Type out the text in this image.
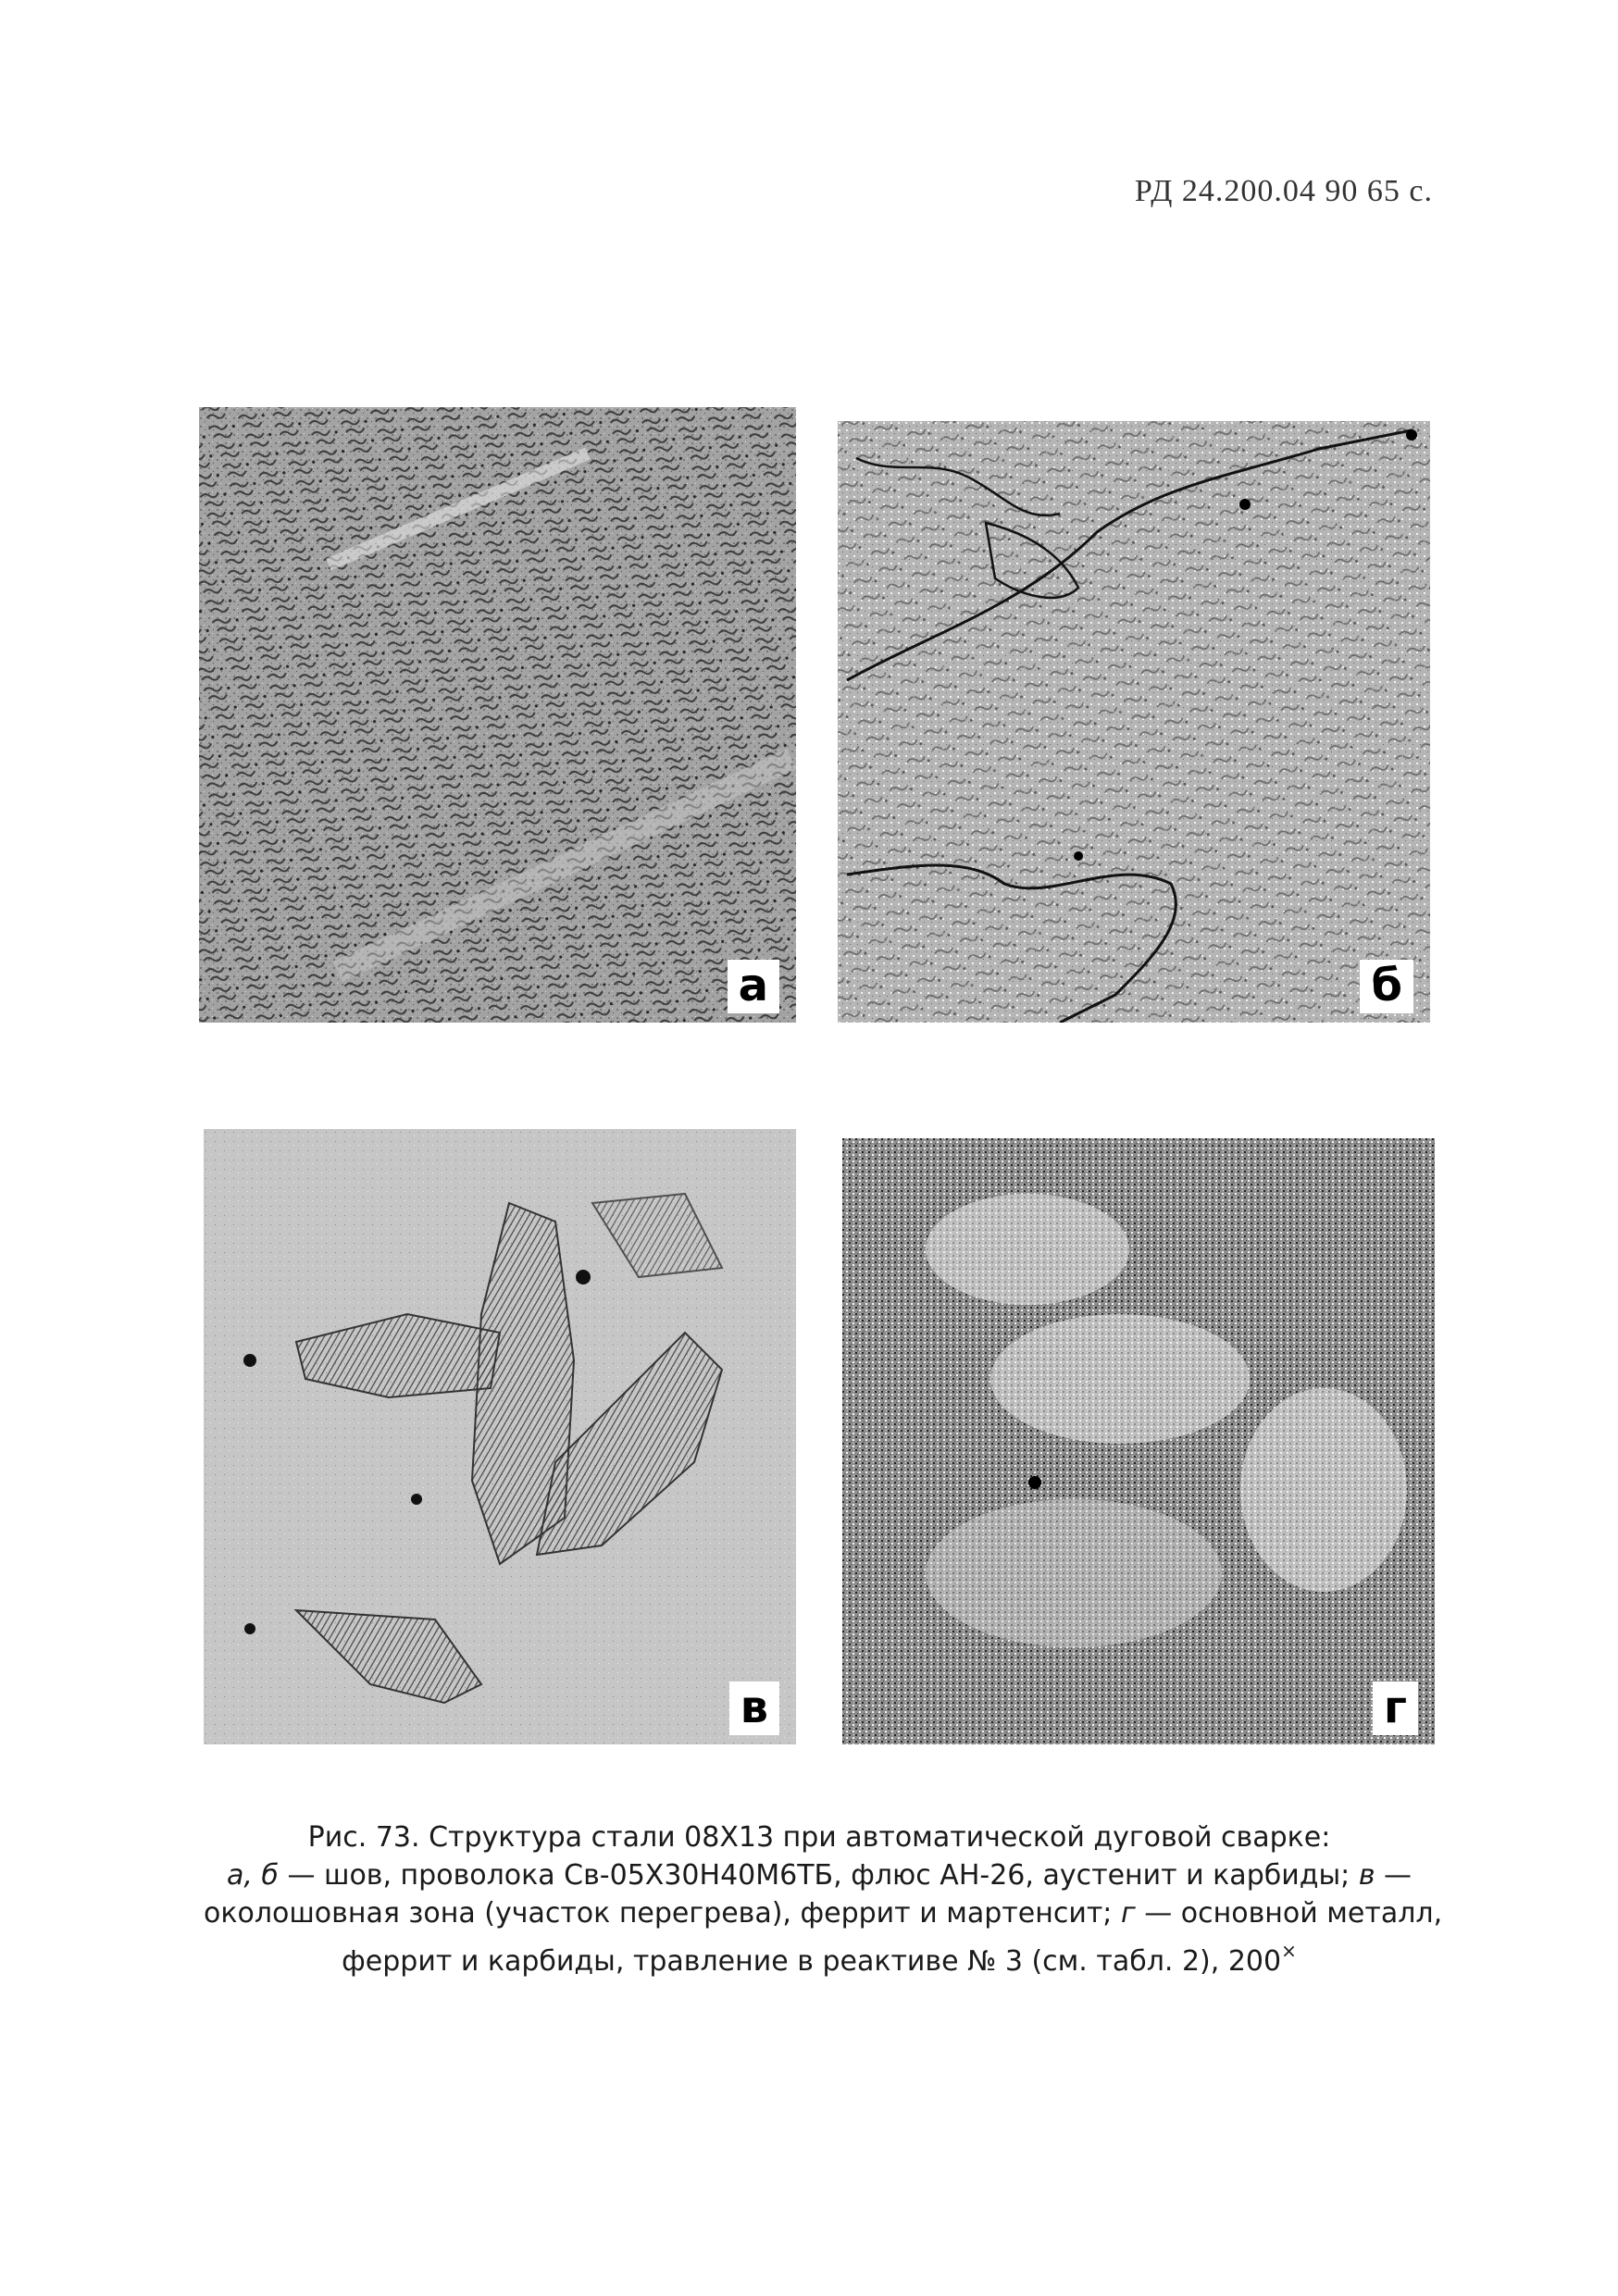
РД 24.200.04 90 65 с.
а	б
в	г
Рис. 73. Структура стали 08Х13 при автоматической дуговой сварке:
а, б — шов, проволока Св-05Х30Н40М6ТБ, флюс АН-26, аустенит и карбиды; в —
околошовная зона (участок перегрева), феррит и мартенсит; г — основной металл,
феррит и карбиды, травление в реактиве № 3 (см. табл. 2), 200×
